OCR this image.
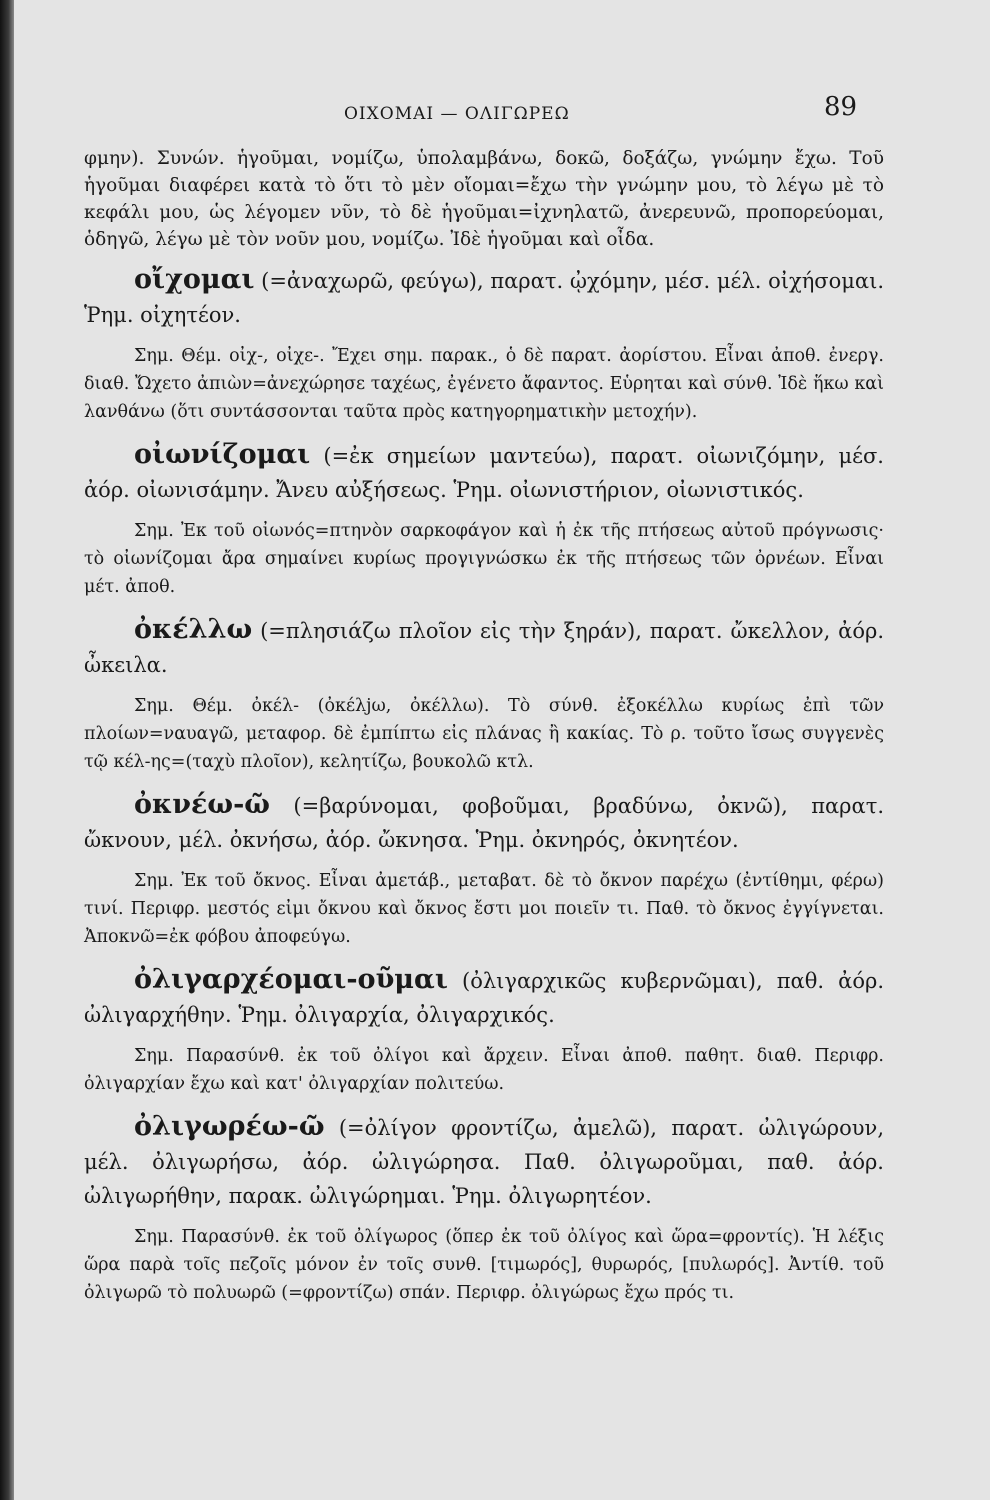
ΟΙΧΟΜΑΙ — ΟΛΙΓΩΡΕΩ	89

φμην). Συνών. ἡγοῦμαι, νομίζω, ὑπολαμβάνω, δοκῶ, δοξάζω, γνώμην ἔχω. Τοῦ ἡγοῦμαι διαφέρει κατὰ τὸ ὅτι τὸ μὲν οἴομαι=ἔχω τὴν γνώμην μου, τὸ λέγω μὲ τὸ κεφάλι μου, ὡς λέγομεν νῦν, τὸ δὲ ἡγοῦμαι=ἰχνηλατῶ, ἀνερευνῶ, προπορεύομαι, ὁδηγῶ, λέγω μὲ τὸν νοῦν μου, νομίζω. Ἰδὲ ἡγοῦμαι καὶ οἶδα.

οἴχομαι (=ἀναχωρῶ, φεύγω), παρατ. ᾠχόμην, μέσ. μέλ. οἰχήσομαι. Ῥημ. οἰχητέον.

Σημ. Θέμ. οἰχ-, οἰχε-. Ἔχει σημ. παρακ., ὁ δὲ παρατ. ἀορίστου. Εἶναι ἀποθ. ἐνεργ. διαθ. Ὤχετο ἀπιὼν=ἀνεχώρησε ταχέως, ἐγένετο ἄφαντος. Εὑρηται καὶ σύνθ. Ἰδὲ ἥκω καὶ λανθάνω (ὅτι συντάσσονται ταῦτα πρὸς κατηγορηματικὴν μετοχήν).

οἰωνίζομαι (=ἐκ σημείων μαντεύω), παρατ. οἰωνιζόμην, μέσ. ἀόρ. οἰωνισάμην. Ἄνευ αὐξήσεως. Ῥημ. οἰωνιστήριον, οἰωνιστικός.

Σημ. Ἐκ τοῦ οἰωνός=πτηνὸν σαρκοφάγον καὶ ἡ ἐκ τῆς πτήσεως αὐτοῦ πρόγνωσις· τὸ οἰωνίζομαι ἄρα σημαίνει κυρίως προγιγνώσκω ἐκ τῆς πτήσεως τῶν ὀρνέων. Εἶναι μέτ. ἀποθ.

ὀκέλλω (=πλησιάζω πλοῖον εἰς τὴν ξηράν), παρατ. ὤκελλον, ἀόρ. ὦκειλα.

Σημ. Θέμ. ὀκέλ- (ὀκέλjω, ὀκέλλω). Τὸ σύνθ. ἐξοκέλλω κυρίως ἐπὶ τῶν πλοίων=ναυαγῶ, μεταφορ. δὲ ἐμπίπτω εἰς πλάνας ἢ κακίας. Τὸ ρ. τοῦτο ἴσως συγγενὲς τῷ κέλ-ης=(ταχὺ πλοῖον), κελητίζω, βουκολῶ κτλ.

ὀκνέω-ῶ (=βαρύνομαι, φοβοῦμαι, βραδύνω, ὀκνῶ), παρατ. ὤκνουν, μέλ. ὀκνήσω, ἀόρ. ὤκνησα. Ῥημ. ὀκνηρός, ὀκνητέον.

Σημ. Ἐκ τοῦ ὄκνος. Εἶναι ἀμετάβ., μεταβατ. δὲ τὸ ὄκνον παρέχω (ἐντίθημι, φέρω) τινί. Περιφρ. μεστός εἰμι ὄκνου καὶ ὄκνος ἔστι μοι ποιεῖν τι. Παθ. τὸ ὄκνος ἐγγίγνεται. Ἀποκνῶ=ἐκ φόβου ἀποφεύγω.

ὀλιγαρχέομαι-οῦμαι (ὀλιγαρχικῶς κυβερνῶμαι), παθ. ἀόρ. ὠλιγαρχήθην. Ῥημ. ὀλιγαρχία, ὀλιγαρχικός.

Σημ. Παρασύνθ. ἐκ τοῦ ὀλίγοι καὶ ἄρχειν. Εἶναι ἀποθ. παθητ. διαθ. Περιφρ. ὀλιγαρχίαν ἔχω καὶ κατ' ὀλιγαρχίαν πολιτεύω.

ὀλιγωρέω-ῶ (=ὀλίγον φροντίζω, ἀμελῶ), παρατ. ὠλιγώρουν, μέλ. ὀλιγωρήσω, ἀόρ. ὠλιγώρησα. Παθ. ὀλιγωροῦμαι, παθ. ἀόρ. ὠλιγωρήθην, παρακ. ὠλιγώρημαι. Ῥημ. ὀλιγωρητέον.

Σημ. Παρασύνθ. ἐκ τοῦ ὀλίγωρος (ὅπερ ἐκ τοῦ ὀλίγος καὶ ὥρα=φροντίς). Ἡ λέξις ὥρα παρὰ τοῖς πεζοῖς μόνον ἐν τοῖς συνθ. [τιμωρός], θυρωρός, [πυλωρός]. Ἀντίθ. τοῦ ὀλιγωρῶ τὸ πολυωρῶ (=φροντίζω) σπάν. Περιφρ. ὀλιγώρως ἔχω πρός τι.
